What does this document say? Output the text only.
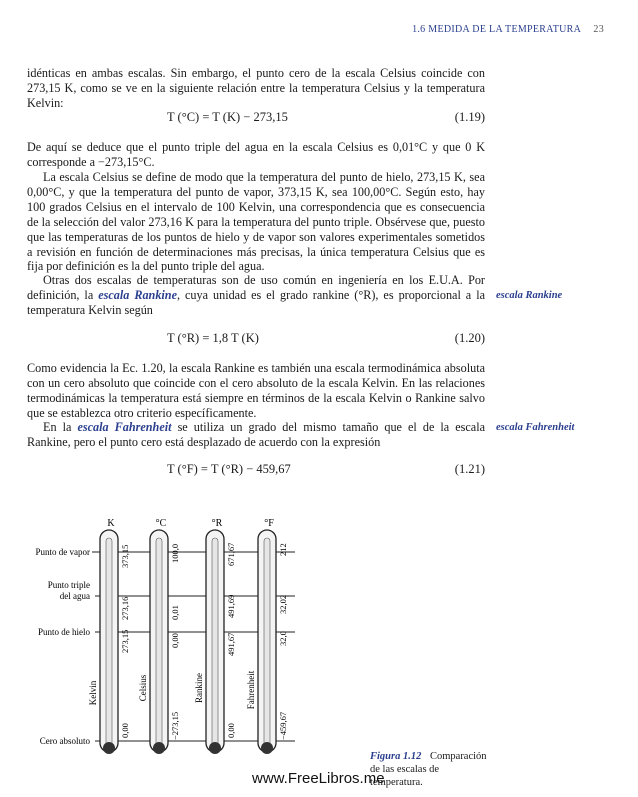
1.6 MEDIDA DE LA TEMPERATURA 23
idénticas en ambas escalas. Sin embargo, el punto cero de la escala Celsius coincide con 273,15 K, como se ve en la siguiente relación entre la temperatura Celsius y la temperatura Kelvin:
T (°C) = T (K) − 273,15	(1.19)
De aquí se deduce que el punto triple del agua en la escala Celsius es 0,01°C y que 0 K corresponde a −273,15°C.
La escala Celsius se define de modo que la temperatura del punto de hielo, 273,15 K, sea 0,00°C, y que la temperatura del punto de vapor, 373,15 K, sea 100,00°C. Según esto, hay 100 grados Celsius en el intervalo de 100 Kelvin, una correspondencia que es consecuencia de la selección del valor 273,16 K para la temperatura del punto triple. Obsérvese que, puesto que las temperaturas de los puntos de hielo y de vapor son valores experimentales sometidos a revisión en función de determinaciones más precisas, la única temperatura Celsius que es fija por definición es la del punto triple del agua.
Otras dos escalas de temperaturas son de uso común en ingeniería en los E.U.A. Por definición, la escala Rankine, cuya unidad es el grado rankine (°R), es proporcional a la temperatura Kelvin según
escala Rankine
T (°R) = 1,8 T (K)	(1.20)
Como evidencia la Ec. 1.20, la escala Rankine es también una escala termodinámica absoluta con un cero absoluto que coincide con el cero absoluto de la escala Kelvin. En las relaciones termodinámicas la temperatura está siempre en términos de la escala Kelvin o Rankine salvo que se establezca otro criterio específicamente.
En la escala Fahrenheit se utiliza un grado del mismo tamaño que el de la escala Rankine, pero el punto cero está desplazado de acuerdo con la expresión
escala Fahrenheit
T (°F) = T (°R) − 459,67	(1.21)
Punto de vapor
Punto triple
del agua
Punto de hielo
Cero absoluto
K
Kelvin
373,15
273,16
273,15
0,00
°C
Celsius
100,0
0,01
0,00
−273,15
°R
Rankine
671,67
491,69
491,67
0,00
°F
Fahrenheit
212
32,02
32,0
−459,67
Figura 1.12 Comparación de las escalas de temperatura.
www.FreeLibros.me
